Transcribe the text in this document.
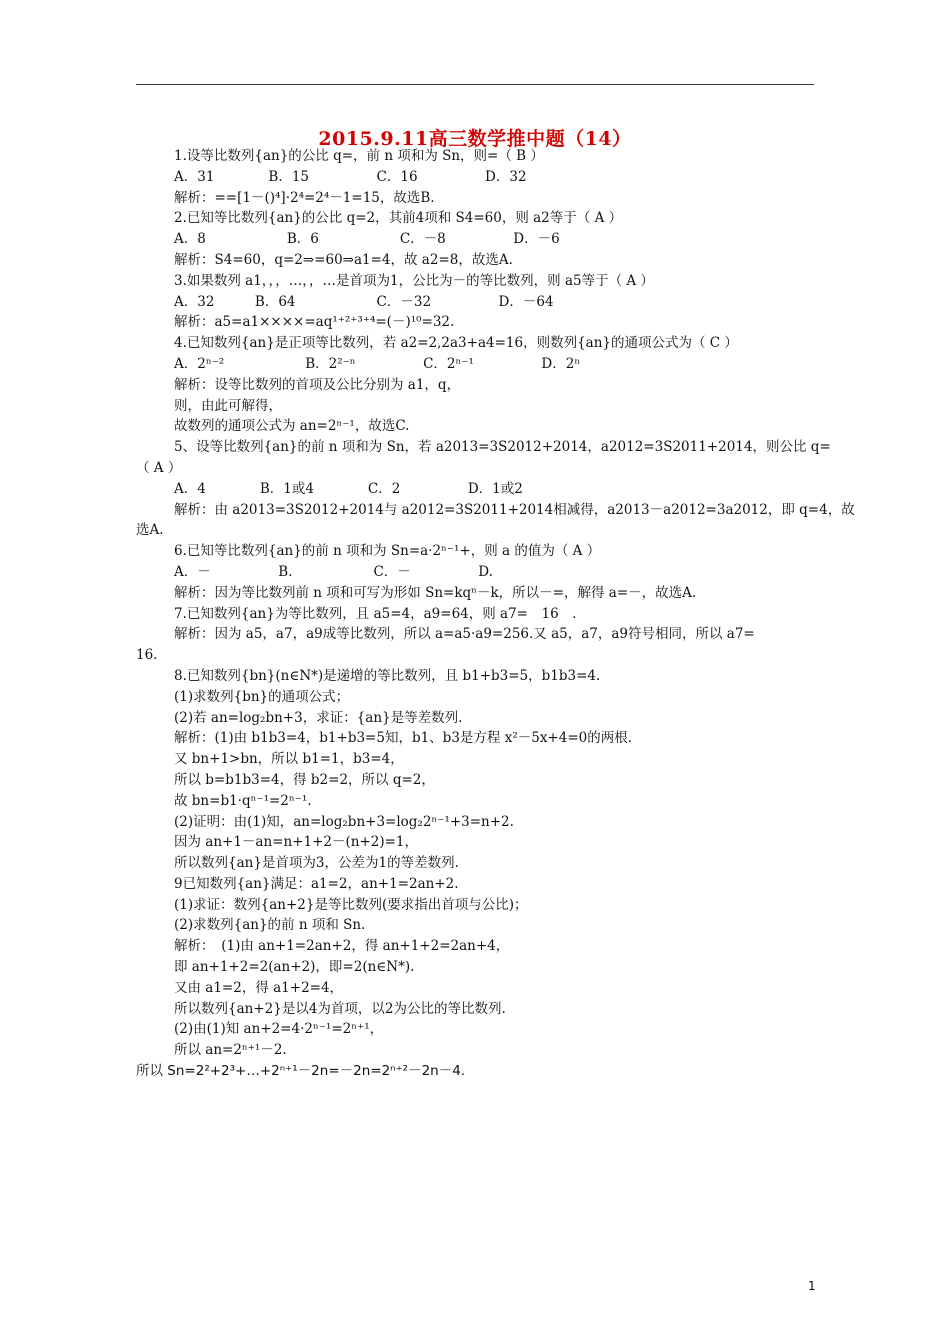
2015.9.11高三数学推中题（14）
1.设等比数列{an}的公比 q=，前 n 项和为 Sn，则=（ B ）
A．31　　　　B．15　　　　　C．16　　　　　D．32
解析：==[1－()⁴]·2⁴=2⁴－1=15，故选B.
2.已知等比数列{an}的公比 q=2，其前4项和 S4=60，则 a2等于（ A ）
A．8　　　　　　B．6　　　　　　C．－8　　　　　D．－6
解析：S4=60，q=2⇒=60⇒a1=4，故 a2=8，故选A.
3.如果数列 a1，，，…，，…是首项为1，公比为－的等比数列，则 a5等于（ A ）
A．32　　　B．64　　　　　　C．－32　　　　　D．－64
解析：a5=a1××××=aq¹⁺²⁺³⁺⁴=(－)¹⁰=32.
4.已知数列{an}是正项等比数列，若 a2=2,2a3+a4=16，则数列{an}的通项公式为（ C ）
A．2ⁿ⁻²　　　　　　B．2²⁻ⁿ　　　　　C．2ⁿ⁻¹　　　　　D．2ⁿ
解析：设等比数列的首项及公比分别为 a1，q，
则，由此可解得，
故数列的通项公式为 an=2ⁿ⁻¹，故选C.
5、设等比数列{an}的前 n 项和为 Sn，若 a2013=3S2012+2014，a2012=3S2011+2014，则公比 q=
（ A ）
A．4　　　　B．1或4　　　　C．2　　　　　D．1或2
解析：由 a2013=3S2012+2014与 a2012=3S2011+2014相减得，a2013－a2012=3a2012，即 q=4，故
选A.
6.已知等比数列{an}的前 n 项和为 Sn=a·2ⁿ⁻¹+，则 a 的值为（ A ）
A．－　　　　　B.　　　　　　C．－　　　　　D.
解析：因为等比数列前 n 项和可写为形如 Sn=kqⁿ－k，所以－=，解得 a=－，故选A.
7.已知数列{an}为等比数列，且 a5=4，a9=64，则 a7=　16　.
解析：因为 a5，a7，a9成等比数列，所以 a=a5·a9=256.又 a5，a7，a9符号相同，所以 a7=
16.
8.已知数列{bn}(n∈N*)是递增的等比数列，且 b1+b3=5，b1b3=4.
(1)求数列{bn}的通项公式；
(2)若 an=log₂bn+3，求证：{an}是等差数列.
解析：(1)由 b1b3=4，b1+b3=5知，b1、b3是方程 x²－5x+4=0的两根.
又 bn+1>bn，所以 b1=1，b3=4，
所以 b=b1b3=4，得 b2=2，所以 q=2，
故 bn=b1·qⁿ⁻¹=2ⁿ⁻¹.
(2)证明：由(1)知，an=log₂bn+3=log₂2ⁿ⁻¹+3=n+2.
因为 an+1－an=n+1+2－(n+2)=1，
所以数列{an}是首项为3，公差为1的等差数列.
9已知数列{an}满足：a1=2，an+1=2an+2.
(1)求证：数列{an+2}是等比数列(要求指出首项与公比)；
(2)求数列{an}的前 n 项和 Sn.
解析：　(1)由 an+1=2an+2，得 an+1+2=2an+4，
即 an+1+2=2(an+2)，即=2(n∈N*).
又由 a1=2，得 a1+2=4，
所以数列{an+2}是以4为首项，以2为公比的等比数列.
(2)由(1)知 an+2=4·2ⁿ⁻¹=2ⁿ⁺¹，
所以 an=2ⁿ⁺¹－2.
所以 Sn=2²+2³+…+2ⁿ⁺¹－2n=－2n=2ⁿ⁺²－2n－4.
1
